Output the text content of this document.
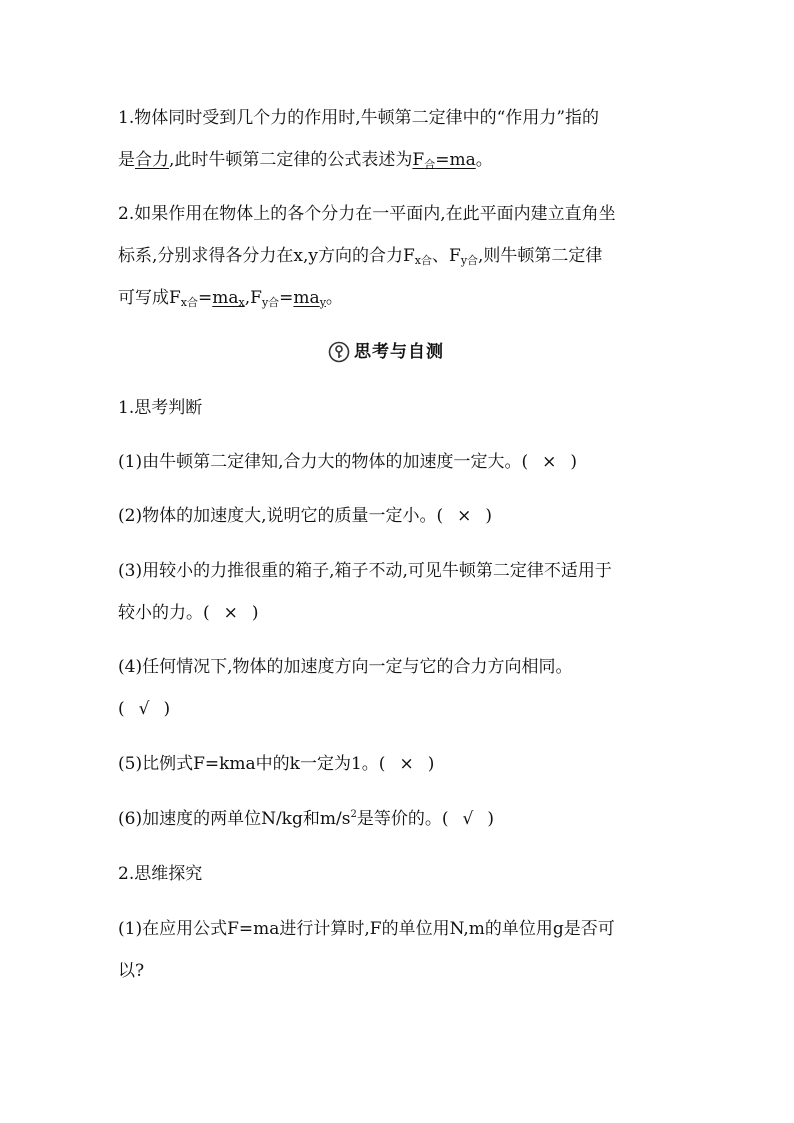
1.物体同时受到几个力的作用时,牛顿第二定律中的“作用力”指的
是合力,此时牛顿第二定律的公式表述为$F_合=ma$。
2.如果作用在物体上的各个分力在一平面内,在此平面内建立直角坐
标系,分别求得各分力在x,y方向的合力$F_{x合}$、$F_{y合}$,则牛顿第二定律
可写成$F_{x合}=ma_x,F_{y合}=ma_y$。
思考与自测
1.思考判断
(1)由牛顿第二定律知,合力大的物体的加速度一定大。( × )
(2)物体的加速度大,说明它的质量一定小。( × )
(3)用较小的力推很重的箱子,箱子不动,可见牛顿第二定律不适用于
较小的力。( × )
(4)任何情况下,物体的加速度方向一定与它的合力方向相同。
( √ )
(5)比例式F=kma中的k一定为1。( × )
(6)加速度的两单位N/kg和$m/s^2$是等价的。( √ )
2.思维探究
(1)在应用公式F=ma进行计算时,F的单位用N,m的单位用g是否可
以?
